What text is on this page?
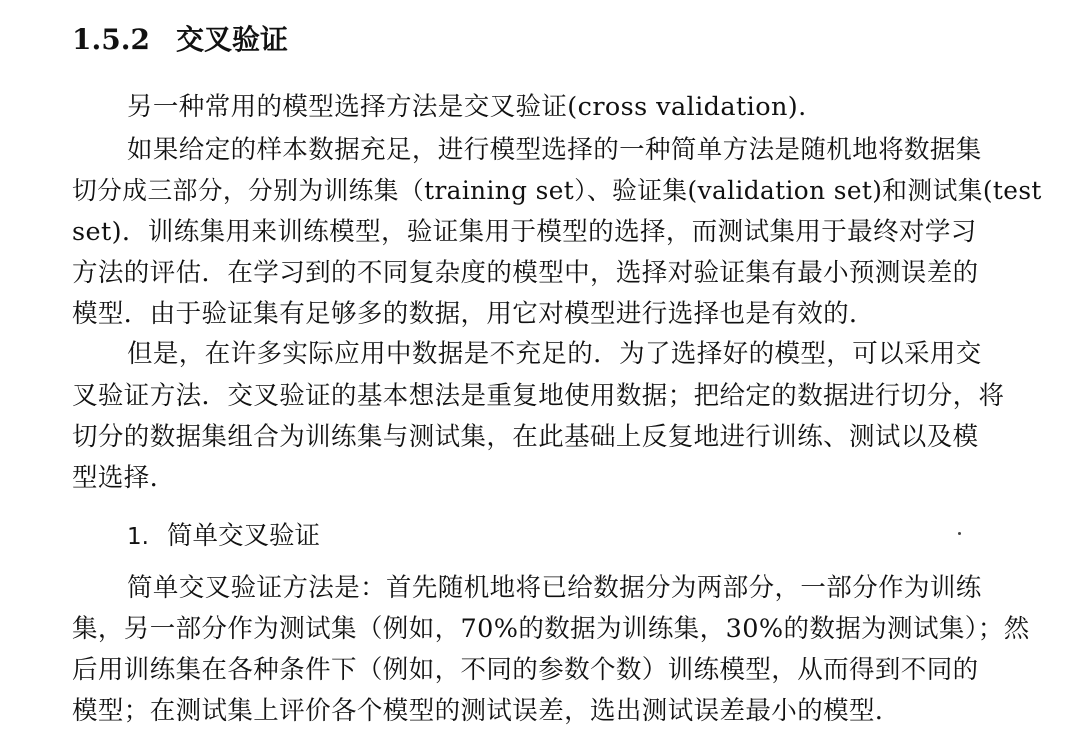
1.5.2 交叉验证
另一种常用的模型选择方法是交叉验证(cross validation).
如果给定的样本数据充足，进行模型选择的一种简单方法是随机地将数据集
切分成三部分，分别为训练集（training set）、验证集(validation set)和测试集(test
set)．训练集用来训练模型，验证集用于模型的选择，而测试集用于最终对学习
方法的评估．在学习到的不同复杂度的模型中，选择对验证集有最小预测误差的
模型．由于验证集有足够多的数据，用它对模型进行选择也是有效的．
但是，在许多实际应用中数据是不充足的．为了选择好的模型，可以采用交
叉验证方法．交叉验证的基本想法是重复地使用数据；把给定的数据进行切分，将
切分的数据集组合为训练集与测试集，在此基础上反复地进行训练、测试以及模
型选择．
1. 简单交叉验证
简单交叉验证方法是：首先随机地将已给数据分为两部分，一部分作为训练
集，另一部分作为测试集（例如，70%的数据为训练集，30%的数据为测试集）；然
后用训练集在各种条件下（例如，不同的参数个数）训练模型，从而得到不同的
模型；在测试集上评价各个模型的测试误差，选出测试误差最小的模型．
